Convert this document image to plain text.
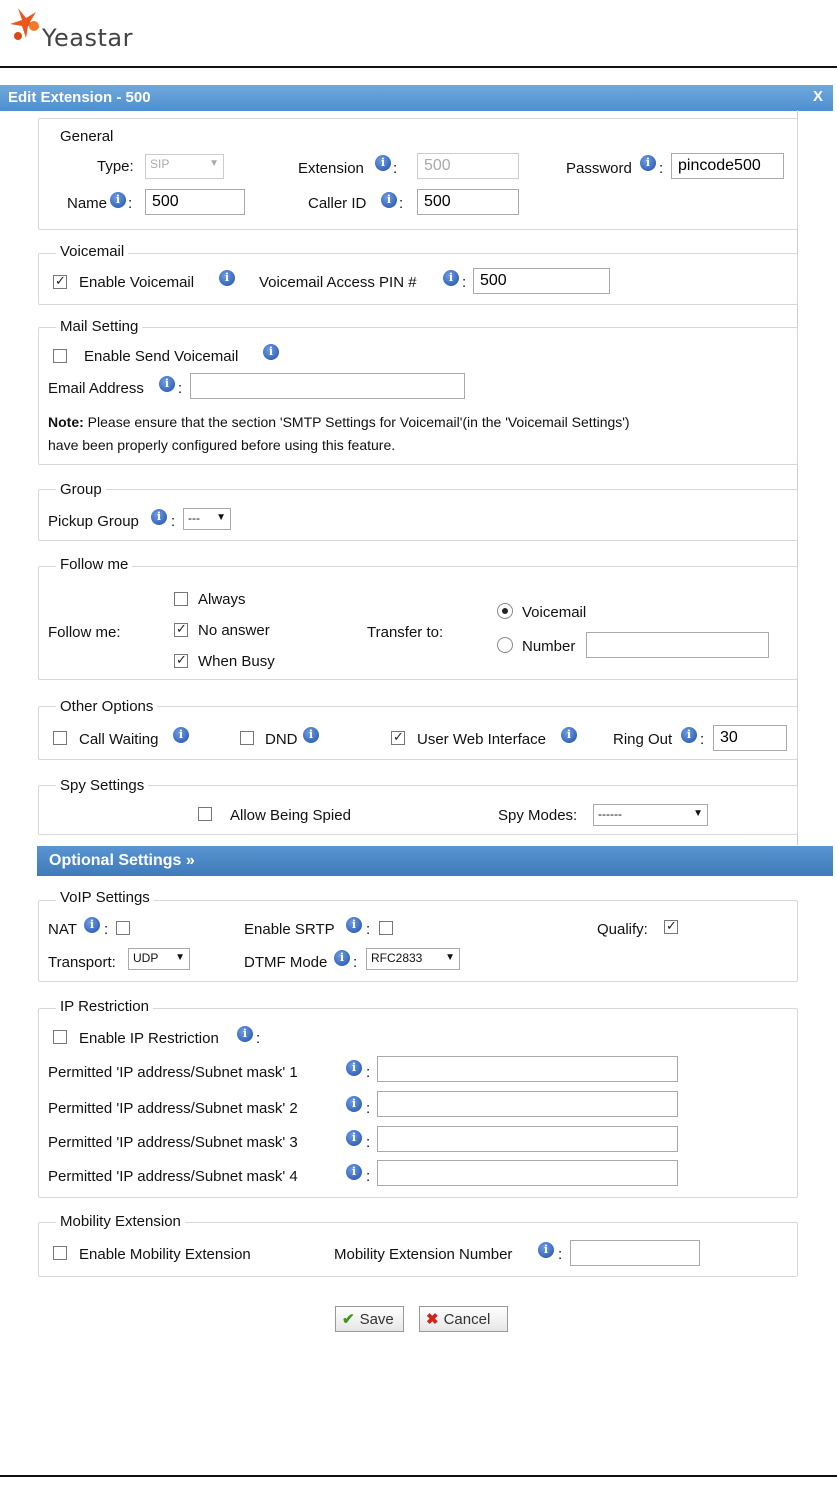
Yeastar
Edit Extension - 500	X
General
Type:	SIP	▼	Extension	i :
500	Password	i :
pincode500
Name i :
500	Caller ID	i :
500
Voicemail
✓
Enable Voicemail	i	Voicemail Access PIN #	i :
500
Mail Setting
Enable Send Voicemail	i
Email Address	i :
Note: Please ensure that the section 'SMTP Settings for Voicemail'(in the 'Voicemail Settings')
have been properly configured before using this feature.
Group
Pickup Group	i :	--- ▼
Follow me
Follow me:
Always
✓
No answer
✓
When Busy
Transfer to:
Voicemail
Number
Other Options
Call Waiting	i	DND	i
✓	User Web Interface	i	Ring Out	i :
30
Spy Settings
Allow Being Spied	Spy Modes:	------	▼
Optional Settings »
VoIP Settings
NAT	i :	Enable SRTP	i :	Qualify:
✓
Transport:	UDP ▼	DTMF Mode	i :	RFC2833 ▼
IP Restriction
Enable IP Restriction	i :
Permitted 'IP address/Subnet mask' 1	i :
Permitted 'IP address/Subnet mask' 2	i :
Permitted 'IP address/Subnet mask' 3	i :
Permitted 'IP address/Subnet mask' 4	i :
Mobility Extension
Enable Mobility Extension	Mobility Extension Number	i :
✔ Save	✖ Cancel
